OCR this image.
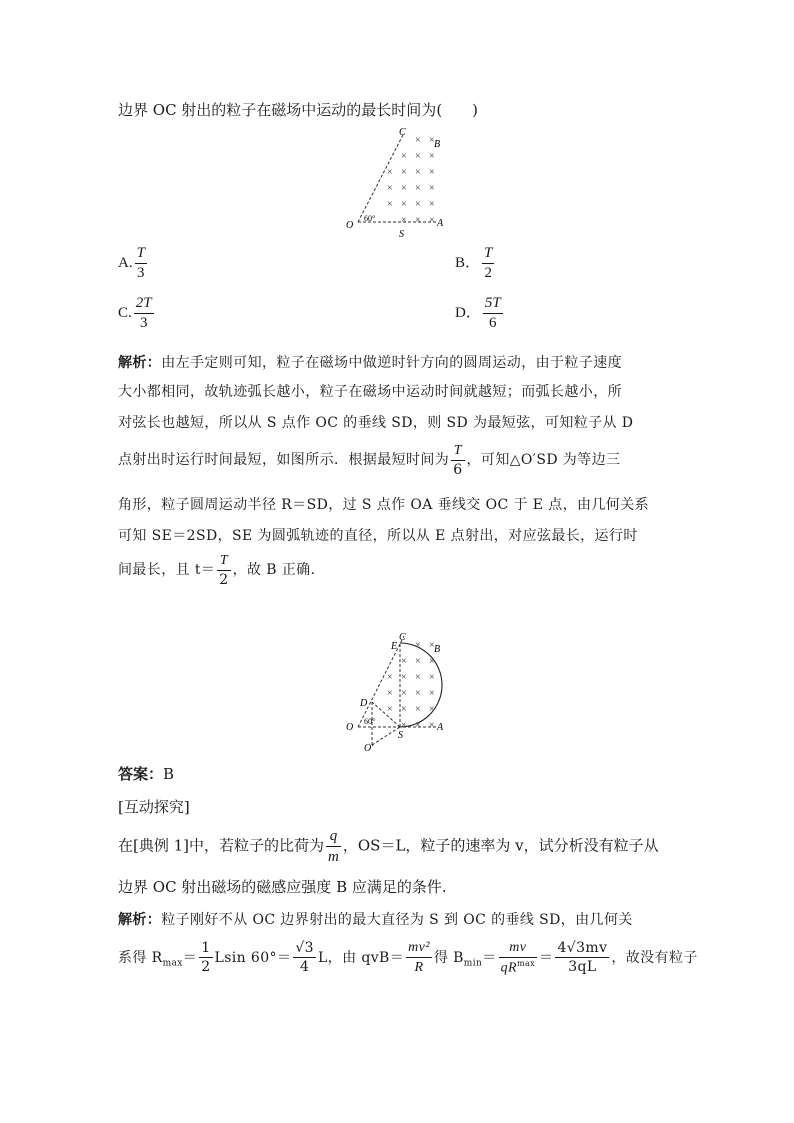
边界 OC 射出的粒子在磁场中运动的最长时间为(　　)
× ×
× × ×
× × ×
×
× × ×
×
× × ×
×
× × ×
C
B
O	A
S
60°
A. $\frac{T}{3}$	B． $\frac{T}{2}$
C. $\frac{2T}{3}$	D． $\frac{5T}{6}$
解析：由左手定则可知，粒子在磁场中做逆时针方向的圆周运动，由于粒子速度
大小都相同，故轨迹弧长越小，粒子在磁场中运动时间就越短；而弧长越小，所
对弦长也越短，所以从 S 点作 OC 的垂线 SD，则 SD 为最短弦，可知粒子从 D
点射出时运行时间最短，如图所示．根据最短时间为 $\frac{T}{6}$ ，可知△O′SD 为等边三
角形，粒子圆周运动半径 R＝SD，过 S 点作 OA 垂线交 OC 于 E 点，由几何关系
可知 SE＝2SD，SE 为圆弧轨迹的直径，所以从 E 点射出，对应弦最长，运行时
间最长，且 $t= \frac{T}{2}$ ，故 B 正确.
× ×
× × ×
× × ×
×
× × ×
×
× × ×
×
× × ×
C
E	B
D
O	A
S
O′
60°
答案：B
[互动探究]
在[典例 1]中，若粒子的比荷为 $\frac{q}{m}$ ，OS＝L，粒子的速率为 v，试分析没有粒子从
边界 OC 射出磁场的磁感应强度 B 应满足的条件.
解析：粒子刚好不从 OC 边界射出的最大直径为 S 到 OC 的垂线 SD，由几何关
系得 $R_{max}= \frac{1}{2}$ Lsin $60^\circ= \frac{√3}{4}$ L，由 $qvB= \frac{\text{mv²}}{R}$ 得 $B_{min}= \frac{mv}{qR^{max}} = \frac{4√3mv}{3qL}$ ，故没有粒子
